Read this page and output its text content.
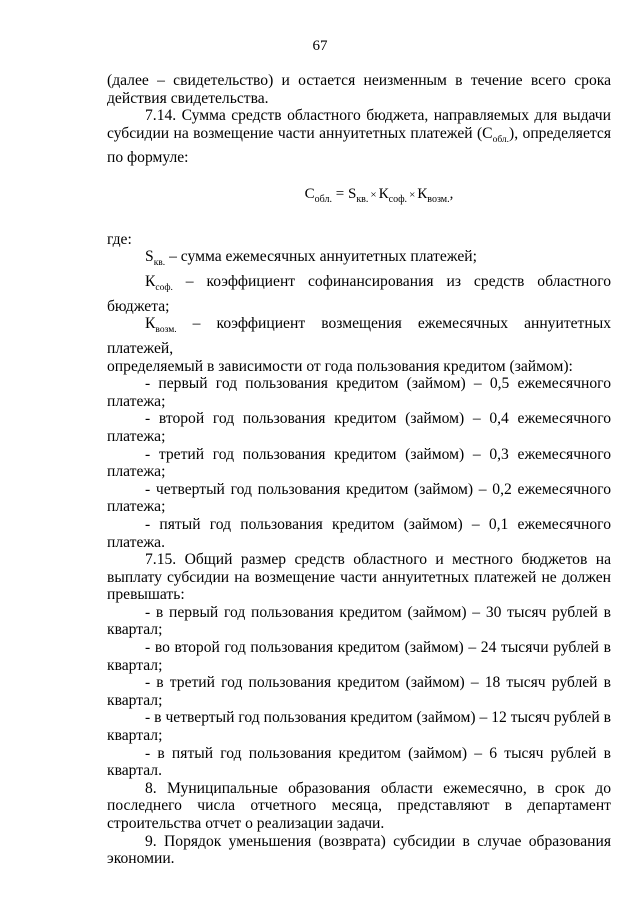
67

(далее – свидетельство) и остается неизменным в течение всего срока

действия свидетельства.

7.14. Сумма средств областного бюджета, направляемых для выдачи

субсидии на возмещение части аннуитетных платежей $(С_{обл.})$, определяется

по формуле:

$С_{обл.} = S_{кв.} \times К_{соф.} \times К_{возм.}$,

где:

$S_{кв.}$ – сумма ежемесячных аннуитетных платежей;

$К_{соф.}$ – коэффициент софинансирования из средств областного

бюджета;

$К_{возм.}$ – коэффициент возмещения ежемесячных аннуитетных платежей,

определяемый в зависимости от года пользования кредитом (займом):

- первый год пользования кредитом (займом) – 0,5 ежемесячного

платежа;

- второй год пользования кредитом (займом) – 0,4 ежемесячного

платежа;

- третий год пользования кредитом (займом) – 0,3 ежемесячного

платежа;

- четвертый год пользования кредитом (займом) – 0,2 ежемесячного

платежа;

- пятый год пользования кредитом (займом) – 0,1 ежемесячного

платежа.

7.15. Общий размер средств областного и местного бюджетов на

выплату субсидии на возмещение части аннуитетных платежей не должен

превышать:

- в первый год пользования кредитом (займом) – 30 тысяч рублей в

квартал;

- во второй год пользования кредитом (займом) – 24 тысячи рублей в

квартал;

- в третий год пользования кредитом (займом) – 18 тысяч рублей в

квартал;

- в четвертый год пользования кредитом (займом) – 12 тысяч рублей в

квартал;

- в пятый год пользования кредитом (займом) – 6 тысяч рублей в

квартал.

8. Муниципальные образования области ежемесячно, в срок до

последнего числа отчетного месяца, представляют в департамент

строительства отчет о реализации задачи.

9. Порядок уменьшения (возврата) субсидии в случае образования

экономии.
